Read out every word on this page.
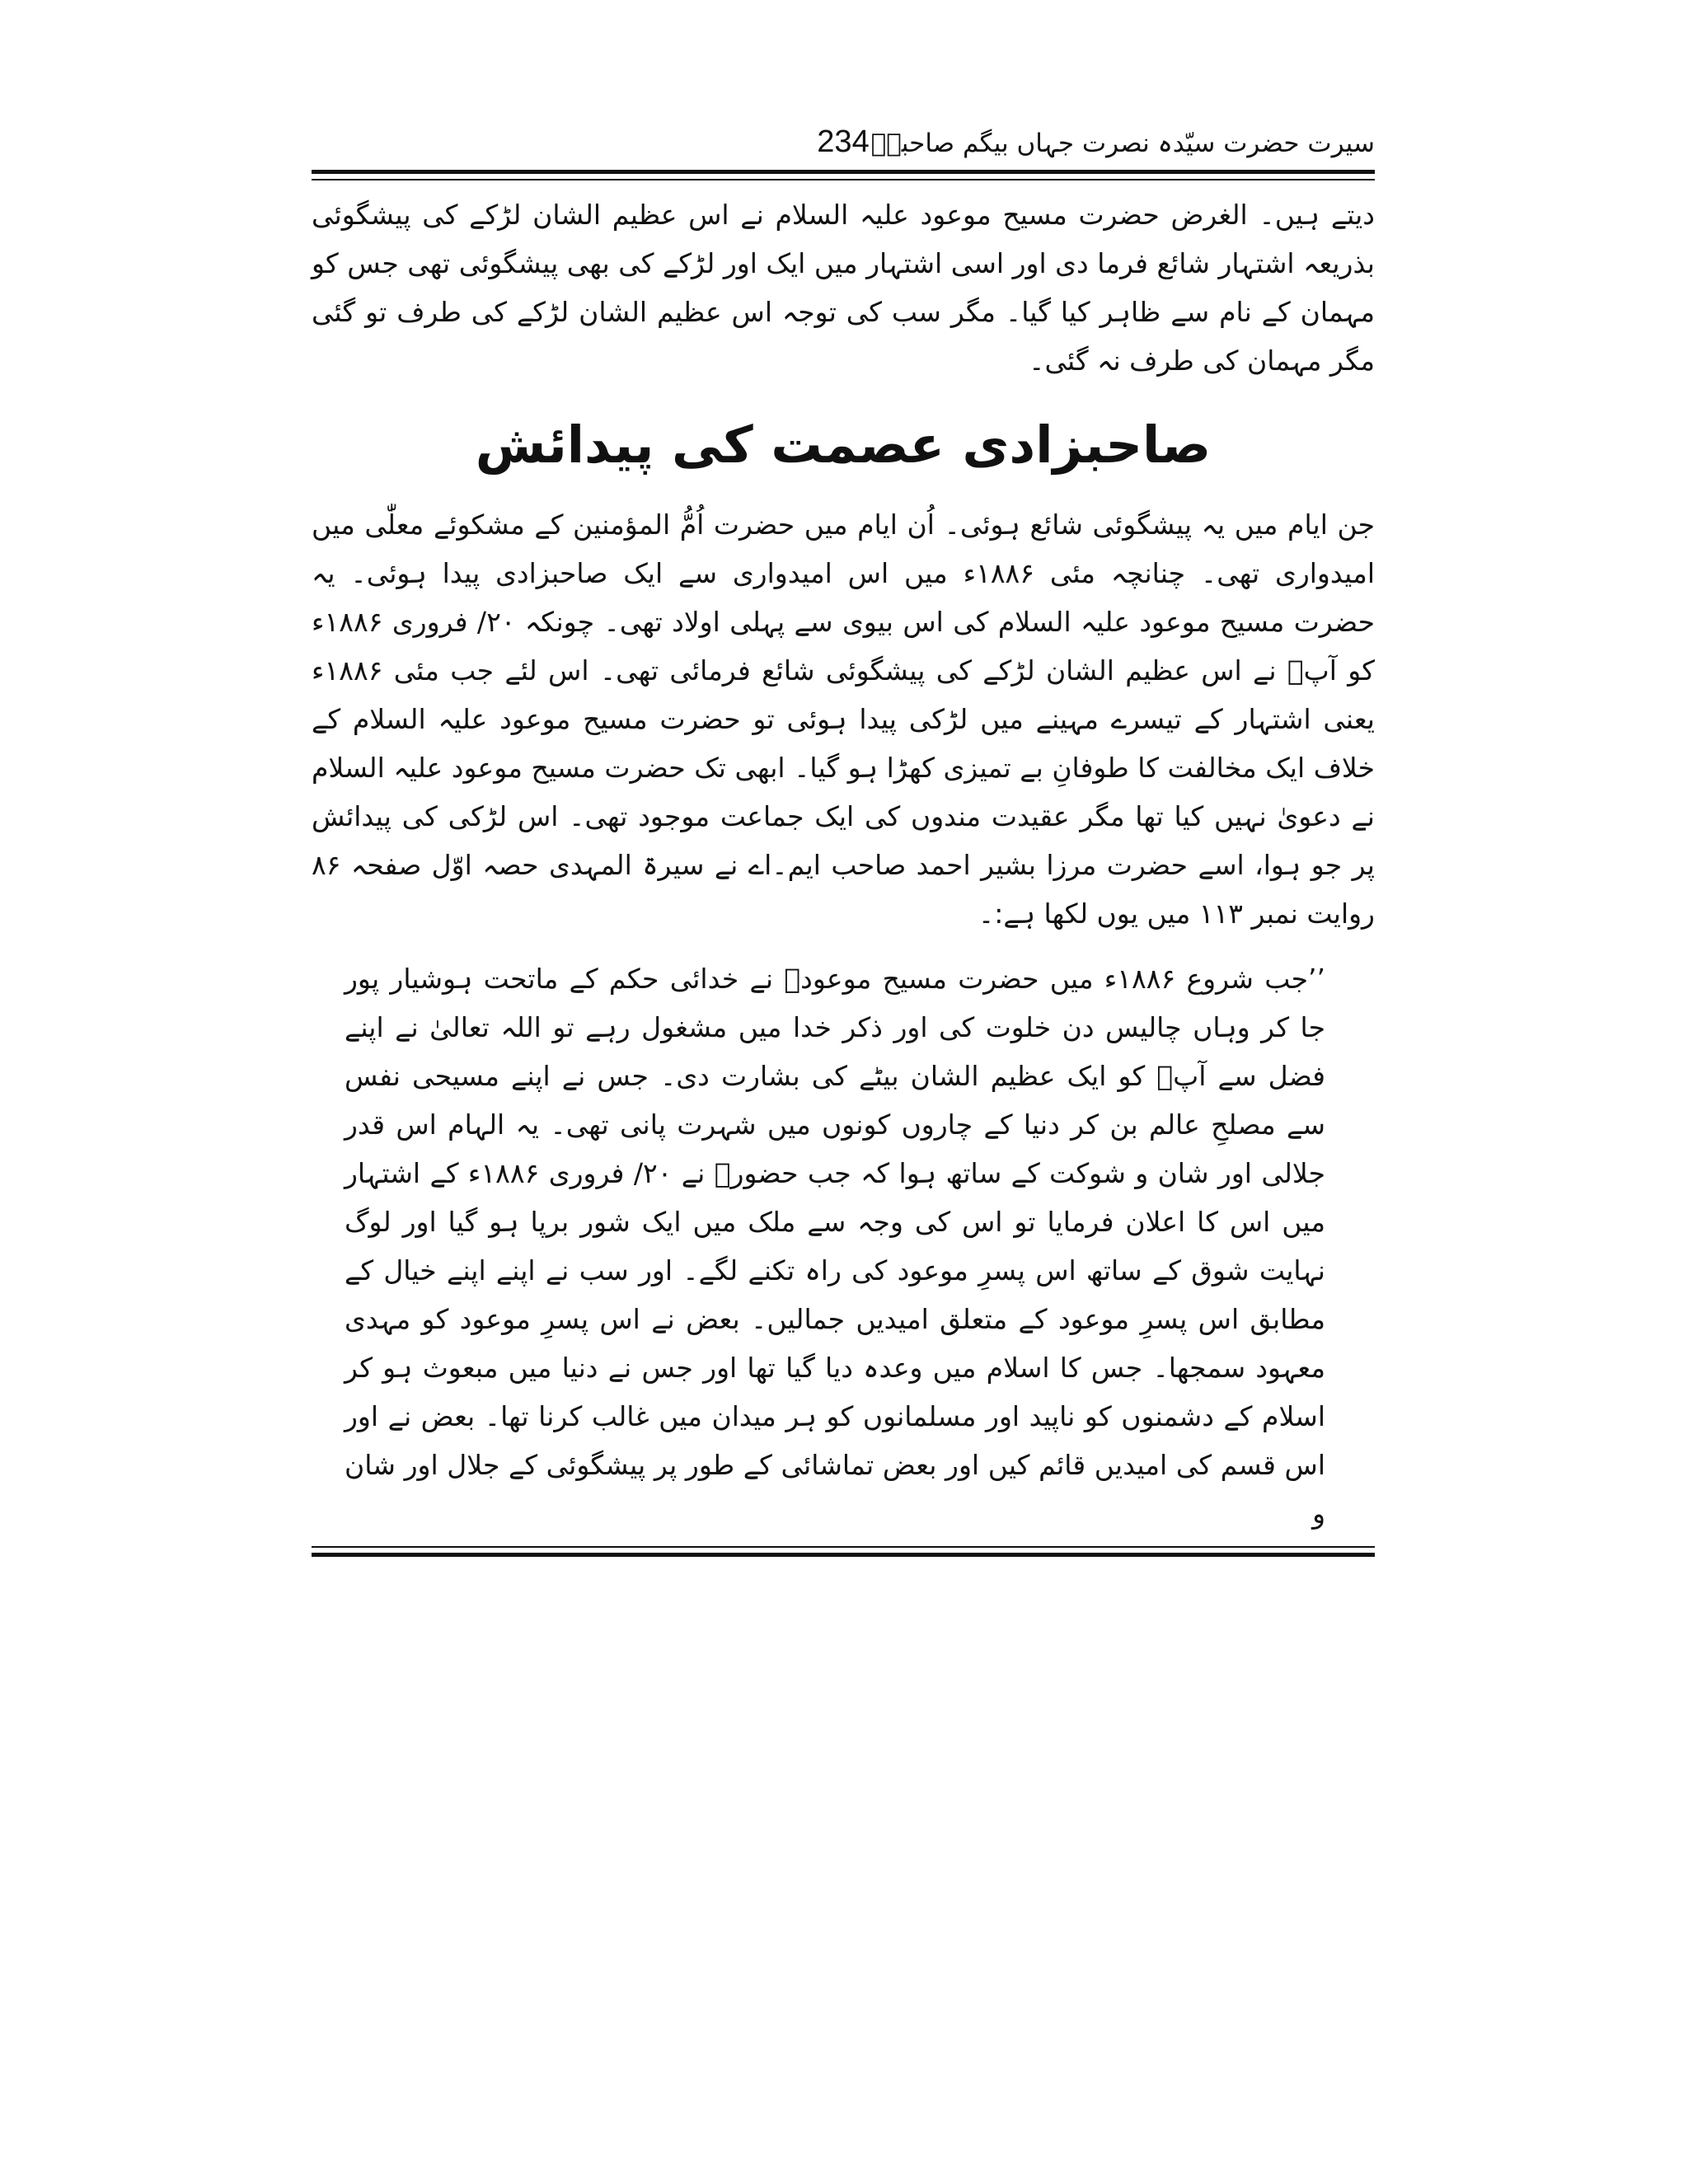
سیرت حضرت سیّدہ نصرت جہاں بیگم صاحبہؓ
234

دیتے ہیں۔ الغرض حضرت مسیح موعود علیہ السلام نے اس عظیم الشان لڑکے کی پیشگوئی بذریعہ اشتہار شائع فرما دی اور اسی اشتہار میں ایک اور لڑکے کی بھی پیشگوئی تھی جس کو مہمان کے نام سے ظاہر کیا گیا۔ مگر سب کی توجہ اس عظیم الشان لڑکے کی طرف تو گئی مگر مہمان کی طرف نہ گئی۔

صاحبزادی عصمت کی پیدائش

جن ایام میں یہ پیشگوئی شائع ہوئی۔ اُن ایام میں حضرت اُمُّ المؤمنین کے مشکوئے معلّٰی میں امیدواری تھی۔ چنانچہ مئی ۱۸۸۶ء میں اس امیدواری سے ایک صاحبزادی پیدا ہوئی۔ یہ حضرت مسیح موعود علیہ السلام کی اس بیوی سے پہلی اولاد تھی۔ چونکہ ۲۰/ فروری ۱۸۸۶ء کو آپؑ نے اس عظیم الشان لڑکے کی پیشگوئی شائع فرمائی تھی۔ اس لئے جب مئی ۱۸۸۶ء یعنی اشتہار کے تیسرے مہینے میں لڑکی پیدا ہوئی تو حضرت مسیح موعود علیہ السلام کے خلاف ایک مخالفت کا طوفانِ بے تمیزی کھڑا ہو گیا۔ ابھی تک حضرت مسیح موعود علیہ السلام نے دعویٰ نہیں کیا تھا مگر عقیدت مندوں کی ایک جماعت موجود تھی۔ اس لڑکی کی پیدائش پر جو ہوا، اسے حضرت مرزا بشیر احمد صاحب ایم۔اے نے سیرۃ المہدی حصہ اوّل صفحہ ۸۶ روایت نمبر ۱۱۳ میں یوں لکھا ہے:۔

’’جب شروع ۱۸۸۶ء میں حضرت مسیح موعودؑ نے خدائی حکم کے ماتحت ہوشیار پور جا کر وہاں چالیس دن خلوت کی اور ذکر خدا میں مشغول رہے تو اللہ تعالیٰ نے اپنے فضل سے آپؑ کو ایک عظیم الشان بیٹے کی بشارت دی۔ جس نے اپنے مسیحی نفس سے مصلحِ عالم بن کر دنیا کے چاروں کونوں میں شہرت پانی تھی۔ یہ الہام اس قدر جلالی اور شان و شوکت کے ساتھ ہوا کہ جب حضورؑ نے ۲۰/ فروری ۱۸۸۶ء کے اشتہار میں اس کا اعلان فرمایا تو اس کی وجہ سے ملک میں ایک شور برپا ہو گیا اور لوگ نہایت شوق کے ساتھ اس پسرِ موعود کی راہ تکنے لگے۔ اور سب نے اپنے اپنے خیال کے مطابق اس پسرِ موعود کے متعلق امیدیں جمالیں۔ بعض نے اس پسرِ موعود کو مہدی معہود سمجھا۔ جس کا اسلام میں وعدہ دیا گیا تھا اور جس نے دنیا میں مبعوث ہو کر اسلام کے دشمنوں کو ناپید اور مسلمانوں کو ہر میدان میں غالب کرنا تھا۔ بعض نے اور اس قسم کی امیدیں قائم کیں اور بعض تماشائی کے طور پر پیشگوئی کے جلال اور شان و
